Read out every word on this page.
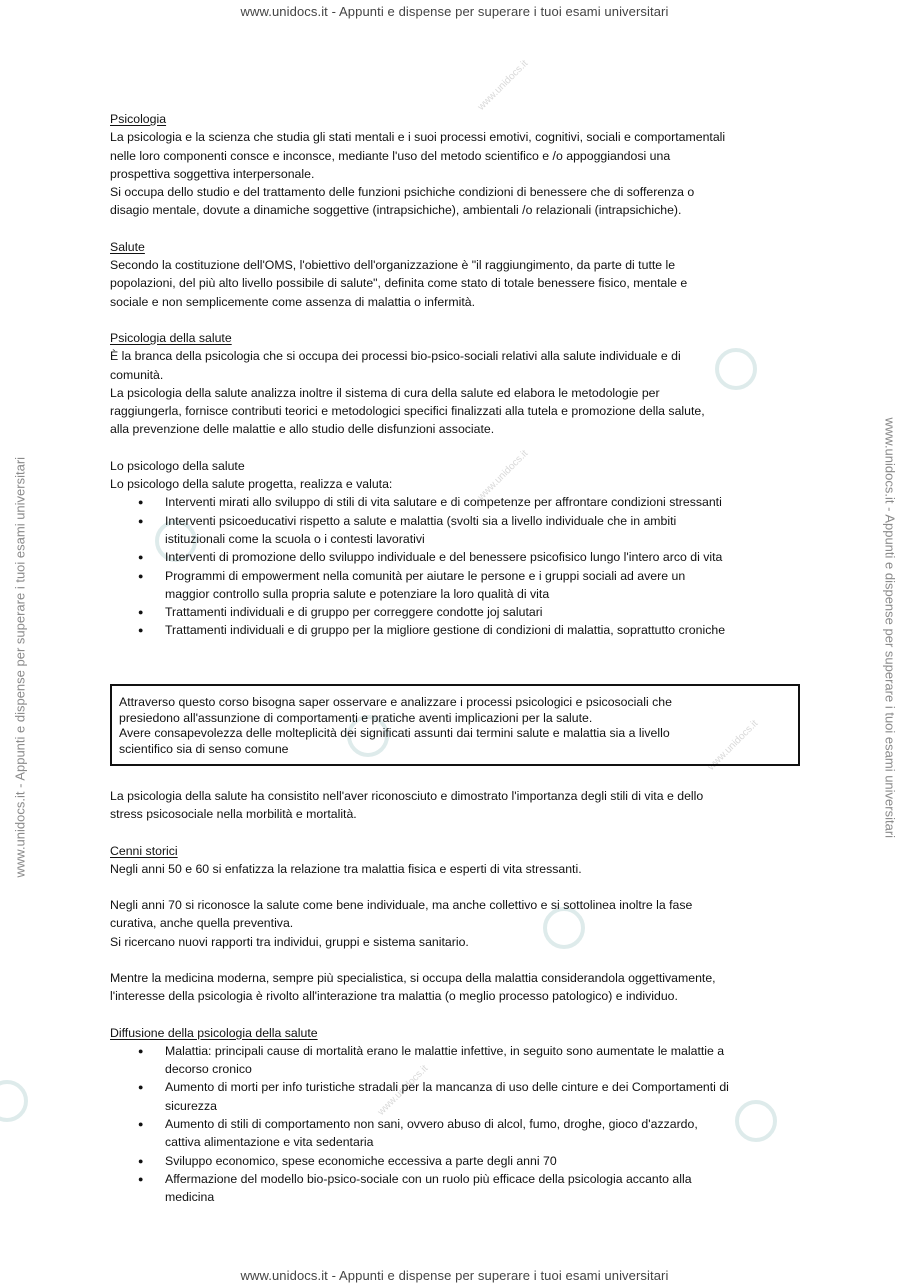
www.unidocs.it - Appunti e dispense per superare i tuoi esami universitari
www.unidocs.it - Appunti e dispense per superare i tuoi esami universitari
www.unidocs.it - Appunti e dispense per superare i tuoi esami universitari	www.unidocs.it - Appunti e dispense per superare i tuoi esami universitari
www.unidocs.it
www.unidocs.it
www.unidocs.it
www.unidocs.it
Psicologia
La psicologia e la scienza che studia gli stati mentali e i suoi processi emotivi, cognitivi, sociali e comportamentali
nelle loro componenti consce e inconsce, mediante l'uso del metodo scientifico e /o appoggiandosi una
prospettiva soggettiva interpersonale.
Si occupa dello studio e del trattamento delle funzioni psichiche condizioni di benessere che di sofferenza o
disagio mentale, dovute a dinamiche soggettive (intrapsichiche), ambientali /o relazionali (intrapsichiche).
Salute
Secondo la costituzione dell'OMS, l'obiettivo dell'organizzazione è "il raggiungimento, da parte di tutte le
popolazioni, del più alto livello possibile di salute", definita come stato di totale benessere fisico, mentale e
sociale e non semplicemente come assenza di malattia o infermità.
Psicologia della salute
È la branca della psicologia che si occupa dei processi bio-psico-sociali relativi alla salute individuale e di
comunità.
La psicologia della salute analizza inoltre il sistema di cura della salute ed elabora le metodologie per
raggiungerla, fornisce contributi teorici e metodologici specifici finalizzati alla tutela e promozione della salute,
alla prevenzione delle malattie e allo studio delle disfunzioni associate.
Lo psicologo della salute
Lo psicologo della salute progetta, realizza e valuta:
● Interventi mirati allo sviluppo di stili di vita salutare e di competenze per affrontare condizioni stressanti
● Interventi psicoeducativi rispetto a salute e malattia (svolti sia a livello individuale che in ambiti
istituzionali come la scuola o i contesti lavorativi
● Interventi di promozione dello sviluppo individuale e del benessere psicofisico lungo l'intero arco di vita
● Programmi di empowerment nella comunità per aiutare le persone e i gruppi sociali ad avere un
maggior controllo sulla propria salute e potenziare la loro qualità di vita
● Trattamenti individuali e di gruppo per correggere condotte joj salutari
● Trattamenti individuali e di gruppo per la migliore gestione di condizioni di malattia, soprattutto croniche
Attraverso questo corso bisogna saper osservare e analizzare i processi psicologici e psicosociali che
presiedono all'assunzione di comportamenti e pratiche aventi implicazioni per la salute.
Avere consapevolezza delle molteplicità dei significati assunti dai termini salute e malattia sia a livello
scientifico sia di senso comune
La psicologia della salute ha consistito nell'aver riconosciuto e dimostrato l'importanza degli stili di vita e dello
stress psicosociale nella morbilità e mortalità.
Cenni storici
Negli anni 50 e 60 si enfatizza la relazione tra malattia fisica e esperti di vita stressanti.
Negli anni 70 si riconosce la salute come bene individuale, ma anche collettivo e si sottolinea inoltre la fase
curativa, anche quella preventiva.
Si ricercano nuovi rapporti tra individui, gruppi e sistema sanitario.
Mentre la medicina moderna, sempre più specialistica, si occupa della malattia considerandola oggettivamente,
l'interesse della psicologia è rivolto all'interazione tra malattia (o meglio processo patologico) e individuo.
Diffusione della psicologia della salute
● Malattia: principali cause di mortalità erano le malattie infettive, in seguito sono aumentate le malattie a
decorso cronico
● Aumento di morti per info turistiche stradali per la mancanza di uso delle cinture e dei Comportamenti di
sicurezza
● Aumento di stili di comportamento non sani, ovvero abuso di alcol, fumo, droghe, gioco d'azzardo,
cattiva alimentazione e vita sedentaria
● Sviluppo economico, spese economiche eccessiva a parte degli anni 70
● Affermazione del modello bio-psico-sociale con un ruolo più efficace della psicologia accanto alla
medicina
